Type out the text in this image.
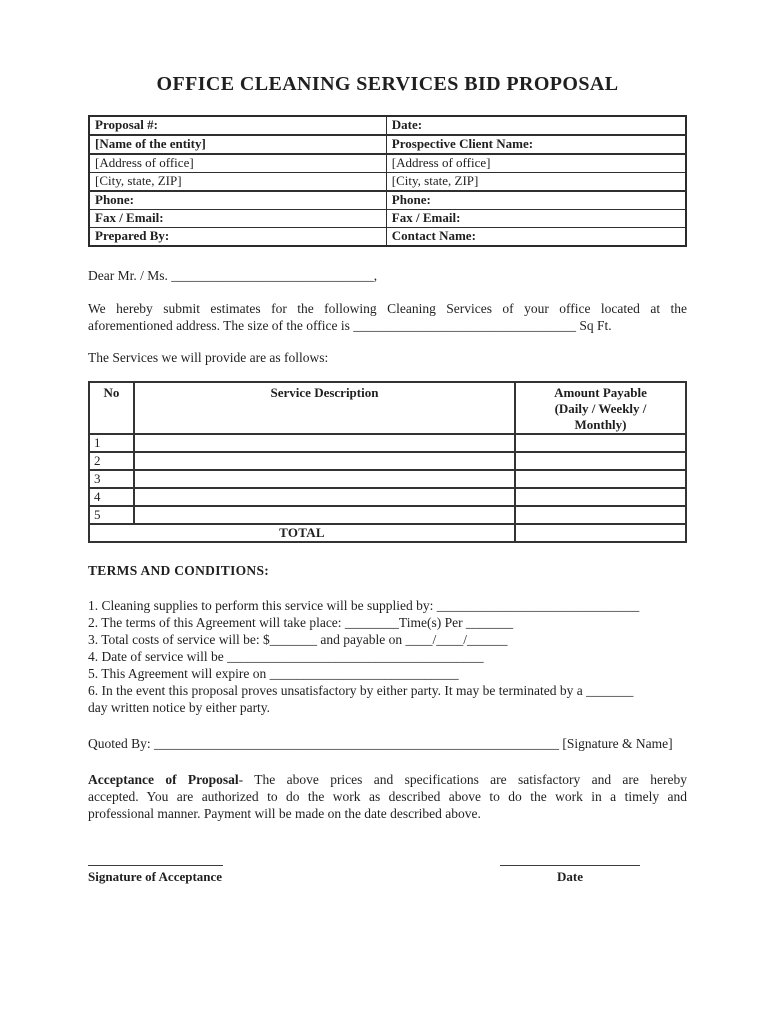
OFFICE CLEANING SERVICES BID PROPOSAL
Proposal #:	Date:
[Name of the entity]	Prospective Client Name:
[Address of office]	[Address of office]
[City, state, ZIP]	[City, state, ZIP]
Phone:	Phone:
Fax / Email:	Fax / Email:
Prepared By:	Contact Name:

Dear Mr. / Ms. ______________________________,

We hereby submit estimates for the following Cleaning Services of your office located at the
aforementioned address. The size of the office is _________________________________ Sq Ft.

The Services we will provide are as follows:

No	Service Description	Amount Payable
(Daily / Weekly /
Monthly)

1		
2		
3		
4		
5		
TOTAL		
TERMS AND CONDITIONS:
1. Cleaning supplies to perform this service will be supplied by: ______________________________
2. The terms of this Agreement will take place: ________Time(s) Per _______
3. Total costs of service will be: $_______ and payable on ____/____/______
4. Date of service will be ______________________________________
5. This Agreement will expire on ____________________________
6. In the event this proposal proves unsatisfactory by either party. It may be terminated by a _______
day written notice by either party.

Quoted By: ____________________________________________________________ [Signature & Name]

Acceptance of Proposal- The above prices and specifications are satisfactory and are hereby
accepted. You are authorized to do the work as described above to do the work in a timely and
professional manner. Payment will be made on the date described above.
Signature of Acceptance	Date
